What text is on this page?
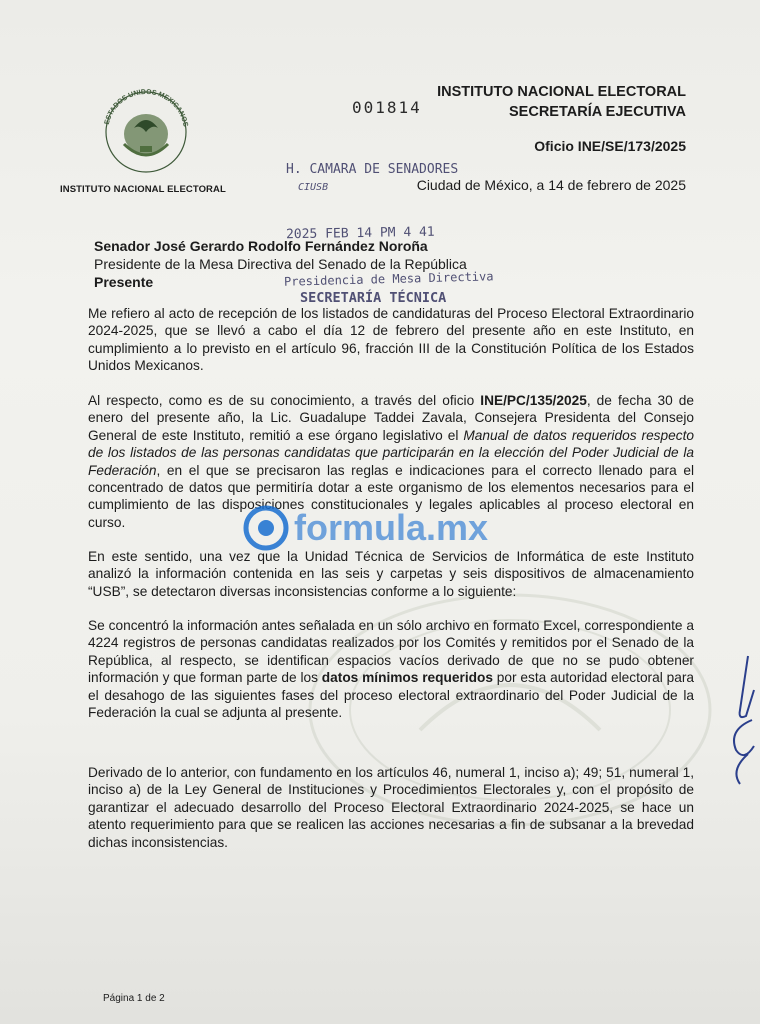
ESTADOS UNIDOS MEXICANOS
INSTITUTO NACIONAL ELECTORAL
001814
INSTITUTO NACIONAL ELECTORAL
SECRETARÍA EJECUTIVA
Oficio INE/SE/173/2025
H. CAMARA DE SENADORES
CIUSB	Ciudad de México, a 14 de febrero de 2025
2025 FEB 14 PM 4 41
Senador José Gerardo Rodolfo Fernández Noroña
Presidente de la Mesa Directiva del Senado de la República
Presente	Presidencia de Mesa Directiva
SECRETARÍA TÉCNICA
Me refiero al acto de recepción de los listados de candidaturas del Proceso Electoral Extraordinario 2024-2025, que se llevó a cabo el día 12 de febrero del presente año en este Instituto, en cumplimiento a lo previsto en el artículo 96, fracción III de la Constitución Política de los Estados Unidos Mexicanos.
Al respecto, como es de su conocimiento, a través del oficio INE/PC/135/2025, de fecha 30 de enero del presente año, la Lic. Guadalupe Taddei Zavala, Consejera Presidenta del Consejo General de este Instituto, remitió a ese órgano legislativo el Manual de datos requeridos respecto de los listados de las personas candidatas que participarán en la elección del Poder Judicial de la Federación, en el que se precisaron las reglas e indicaciones para el correcto llenado para el concentrado de datos que permitiría dotar a este organismo de los elementos necesarios para el cumplimiento de las disposiciones constitucionales y legales aplicables al proceso electoral en curso.
En este sentido, una vez que la Unidad Técnica de Servicios de Informática de este Instituto analizó la información contenida en las seis y carpetas y seis dispositivos de almacenamiento “USB”, se detectaron diversas inconsistencias conforme a lo siguiente:
Se concentró la información antes señalada en un sólo archivo en formato Excel, correspondiente a 4224 registros de personas candidatas realizados por los Comités y remitidos por el Senado de la República, al respecto, se identifican espacios vacíos derivado de que no se pudo obtener información y que forman parte de los datos mínimos requeridos por esta autoridad electoral para el desahogo de las siguientes fases del proceso electoral extraordinario del Poder Judicial de la Federación la cual se adjunta al presente.
Derivado de lo anterior, con fundamento en los artículos 46, numeral 1, inciso a); 49; 51, numeral 1, inciso a) de la Ley General de Instituciones y Procedimientos Electorales y, con el propósito de garantizar el adecuado desarrollo del Proceso Electoral Extraordinario 2024-2025, se hace un atento requerimiento para que se realicen las acciones necesarias a fin de subsanar a la brevedad dichas inconsistencias.
formula.mx
Página 1 de 2
